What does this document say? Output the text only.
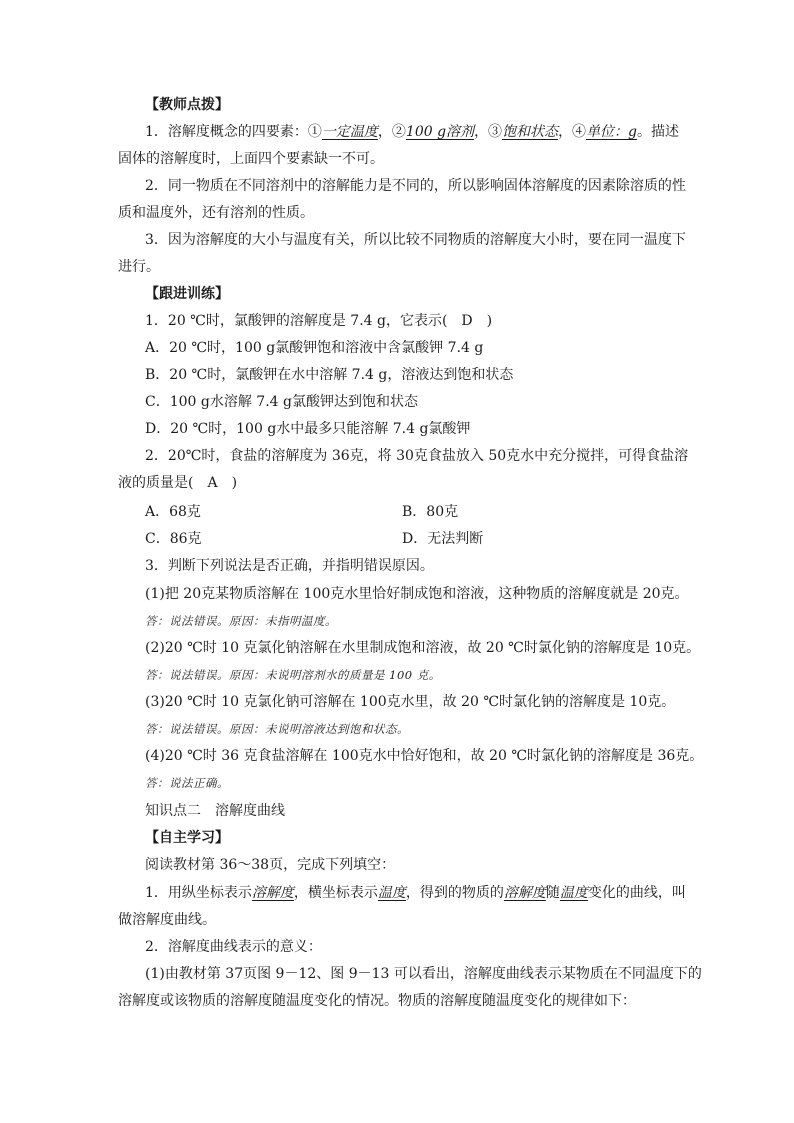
【教师点拨】
1．溶解度概念的四要素：①一定温度，②100 g溶剂，③饱和状态，④单位：g。描述
固体的溶解度时，上面四个要素缺一不可。
2．同一物质在不同溶剂中的溶解能力是不同的，所以影响固体溶解度的因素除溶质的性
质和温度外，还有溶剂的性质。
3．因为溶解度的大小与温度有关，所以比较不同物质的溶解度大小时，要在同一温度下
进行。
【跟进训练】
1．20 ℃时，氯酸钾的溶解度是 7.4 g，它表示(　D　)
A．20 ℃时，100 g氯酸钾饱和溶液中含氯酸钾 7.4 g
B．20 ℃时，氯酸钾在水中溶解 7.4 g，溶液达到饱和状态
C．100 g水溶解 7.4 g氯酸钾达到饱和状态
D．20 ℃时，100 g水中最多只能溶解 7.4 g氯酸钾
2．20℃时，食盐的溶解度为 36克，将 30克食盐放入 50克水中充分搅拌，可得食盐溶
液的质量是(　A　)
A．68克	B．80克
C．86克	D．无法判断
3．判断下列说法是否正确，并指明错误原因。
(1)把 20克某物质溶解在 100克水里恰好制成饱和溶液，这种物质的溶解度就是 20克。
答：说法错误。原因：未指明温度。
(2)20 ℃时 10 克氯化钠溶解在水里制成饱和溶液，故 20 ℃时氯化钠的溶解度是 10克。
答：说法错误。原因：未说明溶剂水的质量是 100 克。
(3)20 ℃时 10 克氯化钠可溶解在 100克水里，故 20 ℃时氯化钠的溶解度是 10克。
答：说法错误。原因：未说明溶液达到饱和状态。
(4)20 ℃时 36 克食盐溶解在 100克水中恰好饱和，故 20 ℃时氯化钠的溶解度是 36克。
答：说法正确。
知识点二　溶解度曲线
【自主学习】
阅读教材第 36～38页，完成下列填空：
1．用纵坐标表示溶解度，横坐标表示温度，得到的物质的溶解度随温度变化的曲线，叫
做溶解度曲线。
2．溶解度曲线表示的意义：
(1)由教材第 37页图 9－12、图 9－13 可以看出，溶解度曲线表示某物质在不同温度下的
溶解度或该物质的溶解度随温度变化的情况。物质的溶解度随温度变化的规律如下：
